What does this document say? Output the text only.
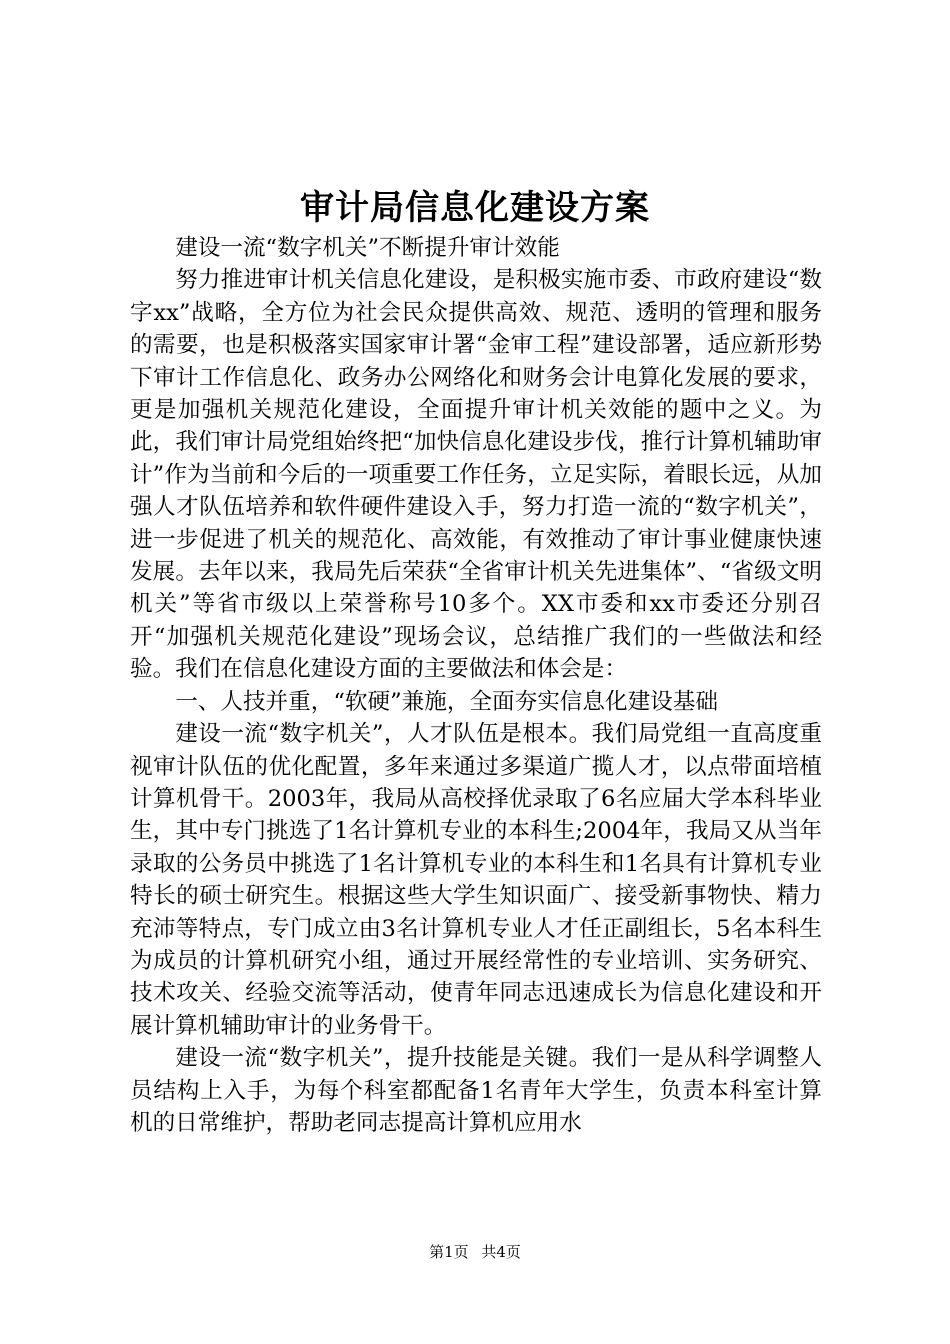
审计局信息化建设方案

建设一流“数字机关”不断提升审计效能

努力推进审计机关信息化建设，是积极实施市委、市政府建设“数字xx”战略，全方位为社会民众提供高效、规范、透明的管理和服务的需要，也是积极落实国家审计署“金审工程”建设部署，适应新形势下审计工作信息化、政务办公网络化和财务会计电算化发展的要求，更是加强机关规范化建设，全面提升审计机关效能的题中之义。为此，我们审计局党组始终把“加快信息化建设步伐，推行计算机辅助审计”作为当前和今后的一项重要工作任务，立足实际，着眼长远，从加强人才队伍培养和软件硬件建设入手，努力打造一流的“数字机关”，进一步促进了机关的规范化、高效能，有效推动了审计事业健康快速发展。去年以来，我局先后荣获“全省审计机关先进集体”、“省级文明机关”等省市级以上荣誉称号10多个。XX市委和xx市委还分别召开“加强机关规范化建设”现场会议，总结推广我们的一些做法和经验。我们在信息化建设方面的主要做法和体会是：

一、人技并重，“软硬”兼施，全面夯实信息化建设基础

建设一流“数字机关”，人才队伍是根本。我们局党组一直高度重视审计队伍的优化配置，多年来通过多渠道广揽人才，以点带面培植计算机骨干。2003年，我局从高校择优录取了6名应届大学本科毕业生，其中专门挑选了1名计算机专业的本科生;2004年，我局又从当年录取的公务员中挑选了1名计算机专业的本科生和1名具有计算机专业特长的硕士研究生。根据这些大学生知识面广、接受新事物快、精力充沛等特点，专门成立由3名计算机专业人才任正副组长，5名本科生为成员的计算机研究小组，通过开展经常性的专业培训、实务研究、技术攻关、经验交流等活动，使青年同志迅速成长为信息化建设和开展计算机辅助审计的业务骨干。

建设一流“数字机关”，提升技能是关键。我们一是从科学调整人员结构上入手，为每个科室都配备1名青年大学生，负责本科室计算机的日常维护，帮助老同志提高计算机应用水

第1页 共4页
